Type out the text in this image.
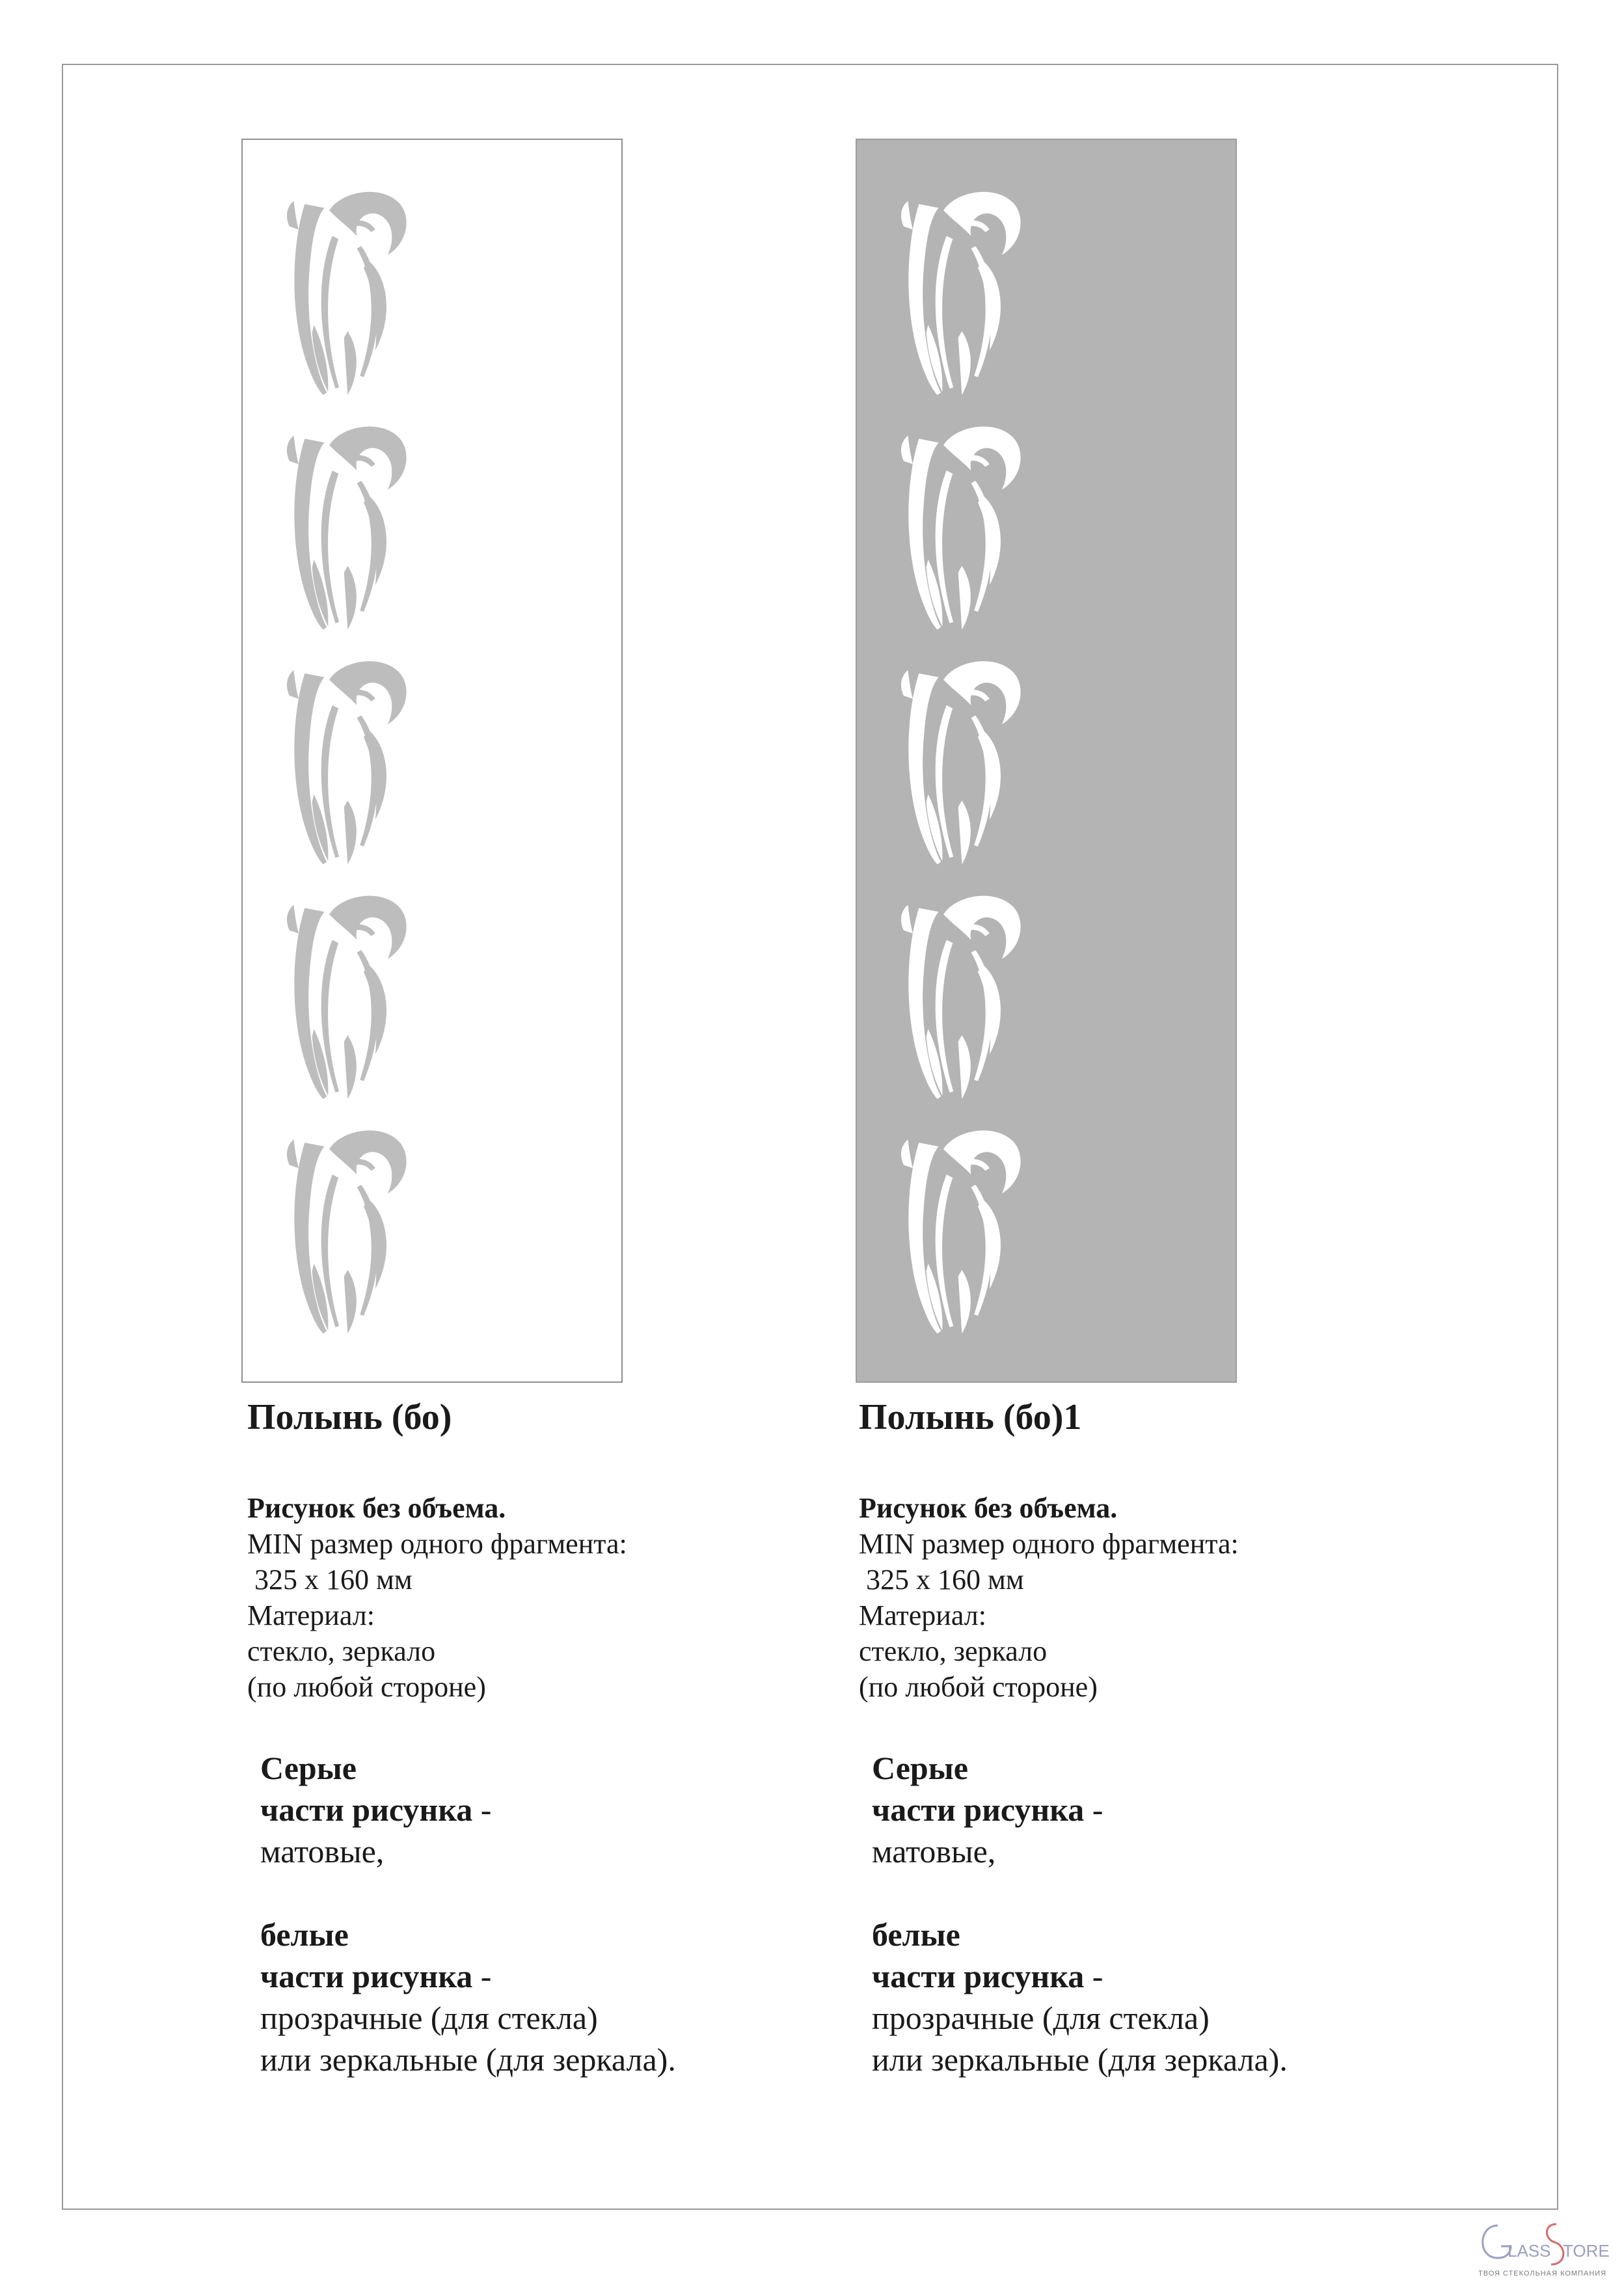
Полынь (бо)
Рисунок без объема.
MIN размер одного фрагмента:
325 х 160 мм
Материал:
стекло, зеркало
(по любой стороне)
Серые
части рисунка -
матовые,
белые
части рисунка -
прозрачные (для стекла)
или зеркальные (для зеркала).
Полынь (бо)1
Рисунок без объема.
MIN размер одного фрагмента:
325 х 160 мм
Материал:
стекло, зеркало
(по любой стороне)
Серые
части рисунка -
матовые,
белые
части рисунка -
прозрачные (для стекла)
или зеркальные (для зеркала).
LASS TORE
ТВОЯ СТЕКОЛЬНАЯ КОМПАНИЯ
